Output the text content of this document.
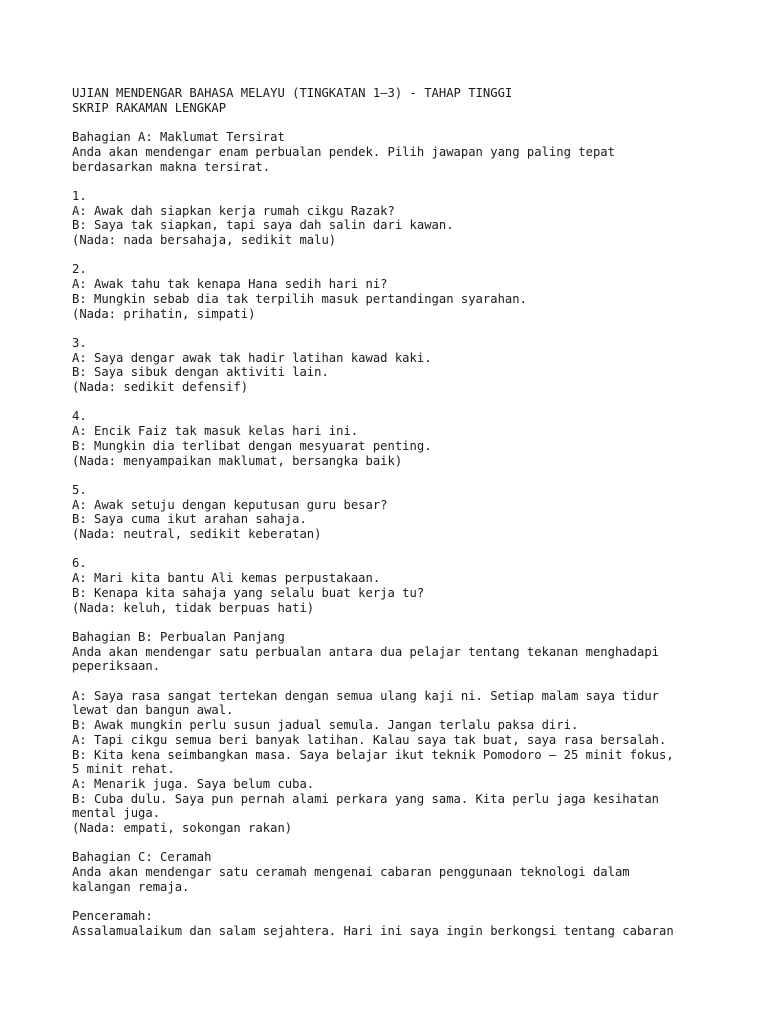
UJIAN MENDENGAR BAHASA MELAYU (TINGKATAN 1–3) - TAHAP TINGGI
SKRIP RAKAMAN LENGKAP
Bahagian A: Maklumat Tersirat
Anda akan mendengar enam perbualan pendek. Pilih jawapan yang paling tepat
berdasarkan makna tersirat.
1.
A: Awak dah siapkan kerja rumah cikgu Razak?
B: Saya tak siapkan, tapi saya dah salin dari kawan.
(Nada: nada bersahaja, sedikit malu)
2.
A: Awak tahu tak kenapa Hana sedih hari ni?
B: Mungkin sebab dia tak terpilih masuk pertandingan syarahan.
(Nada: prihatin, simpati)
3.
A: Saya dengar awak tak hadir latihan kawad kaki.
B: Saya sibuk dengan aktiviti lain.
(Nada: sedikit defensif)
4.
A: Encik Faiz tak masuk kelas hari ini.
B: Mungkin dia terlibat dengan mesyuarat penting.
(Nada: menyampaikan maklumat, bersangka baik)
5.
A: Awak setuju dengan keputusan guru besar?
B: Saya cuma ikut arahan sahaja.
(Nada: neutral, sedikit keberatan)
6.
A: Mari kita bantu Ali kemas perpustakaan.
B: Kenapa kita sahaja yang selalu buat kerja tu?
(Nada: keluh, tidak berpuas hati)
Bahagian B: Perbualan Panjang
Anda akan mendengar satu perbualan antara dua pelajar tentang tekanan menghadapi
peperiksaan.
A: Saya rasa sangat tertekan dengan semua ulang kaji ni. Setiap malam saya tidur
lewat dan bangun awal.
B: Awak mungkin perlu susun jadual semula. Jangan terlalu paksa diri.
A: Tapi cikgu semua beri banyak latihan. Kalau saya tak buat, saya rasa bersalah.
B: Kita kena seimbangkan masa. Saya belajar ikut teknik Pomodoro – 25 minit fokus,
5 minit rehat.
A: Menarik juga. Saya belum cuba.
B: Cuba dulu. Saya pun pernah alami perkara yang sama. Kita perlu jaga kesihatan
mental juga.
(Nada: empati, sokongan rakan)
Bahagian C: Ceramah
Anda akan mendengar satu ceramah mengenai cabaran penggunaan teknologi dalam
kalangan remaja.
Penceramah:
Assalamualaikum dan salam sejahtera. Hari ini saya ingin berkongsi tentang cabaran
